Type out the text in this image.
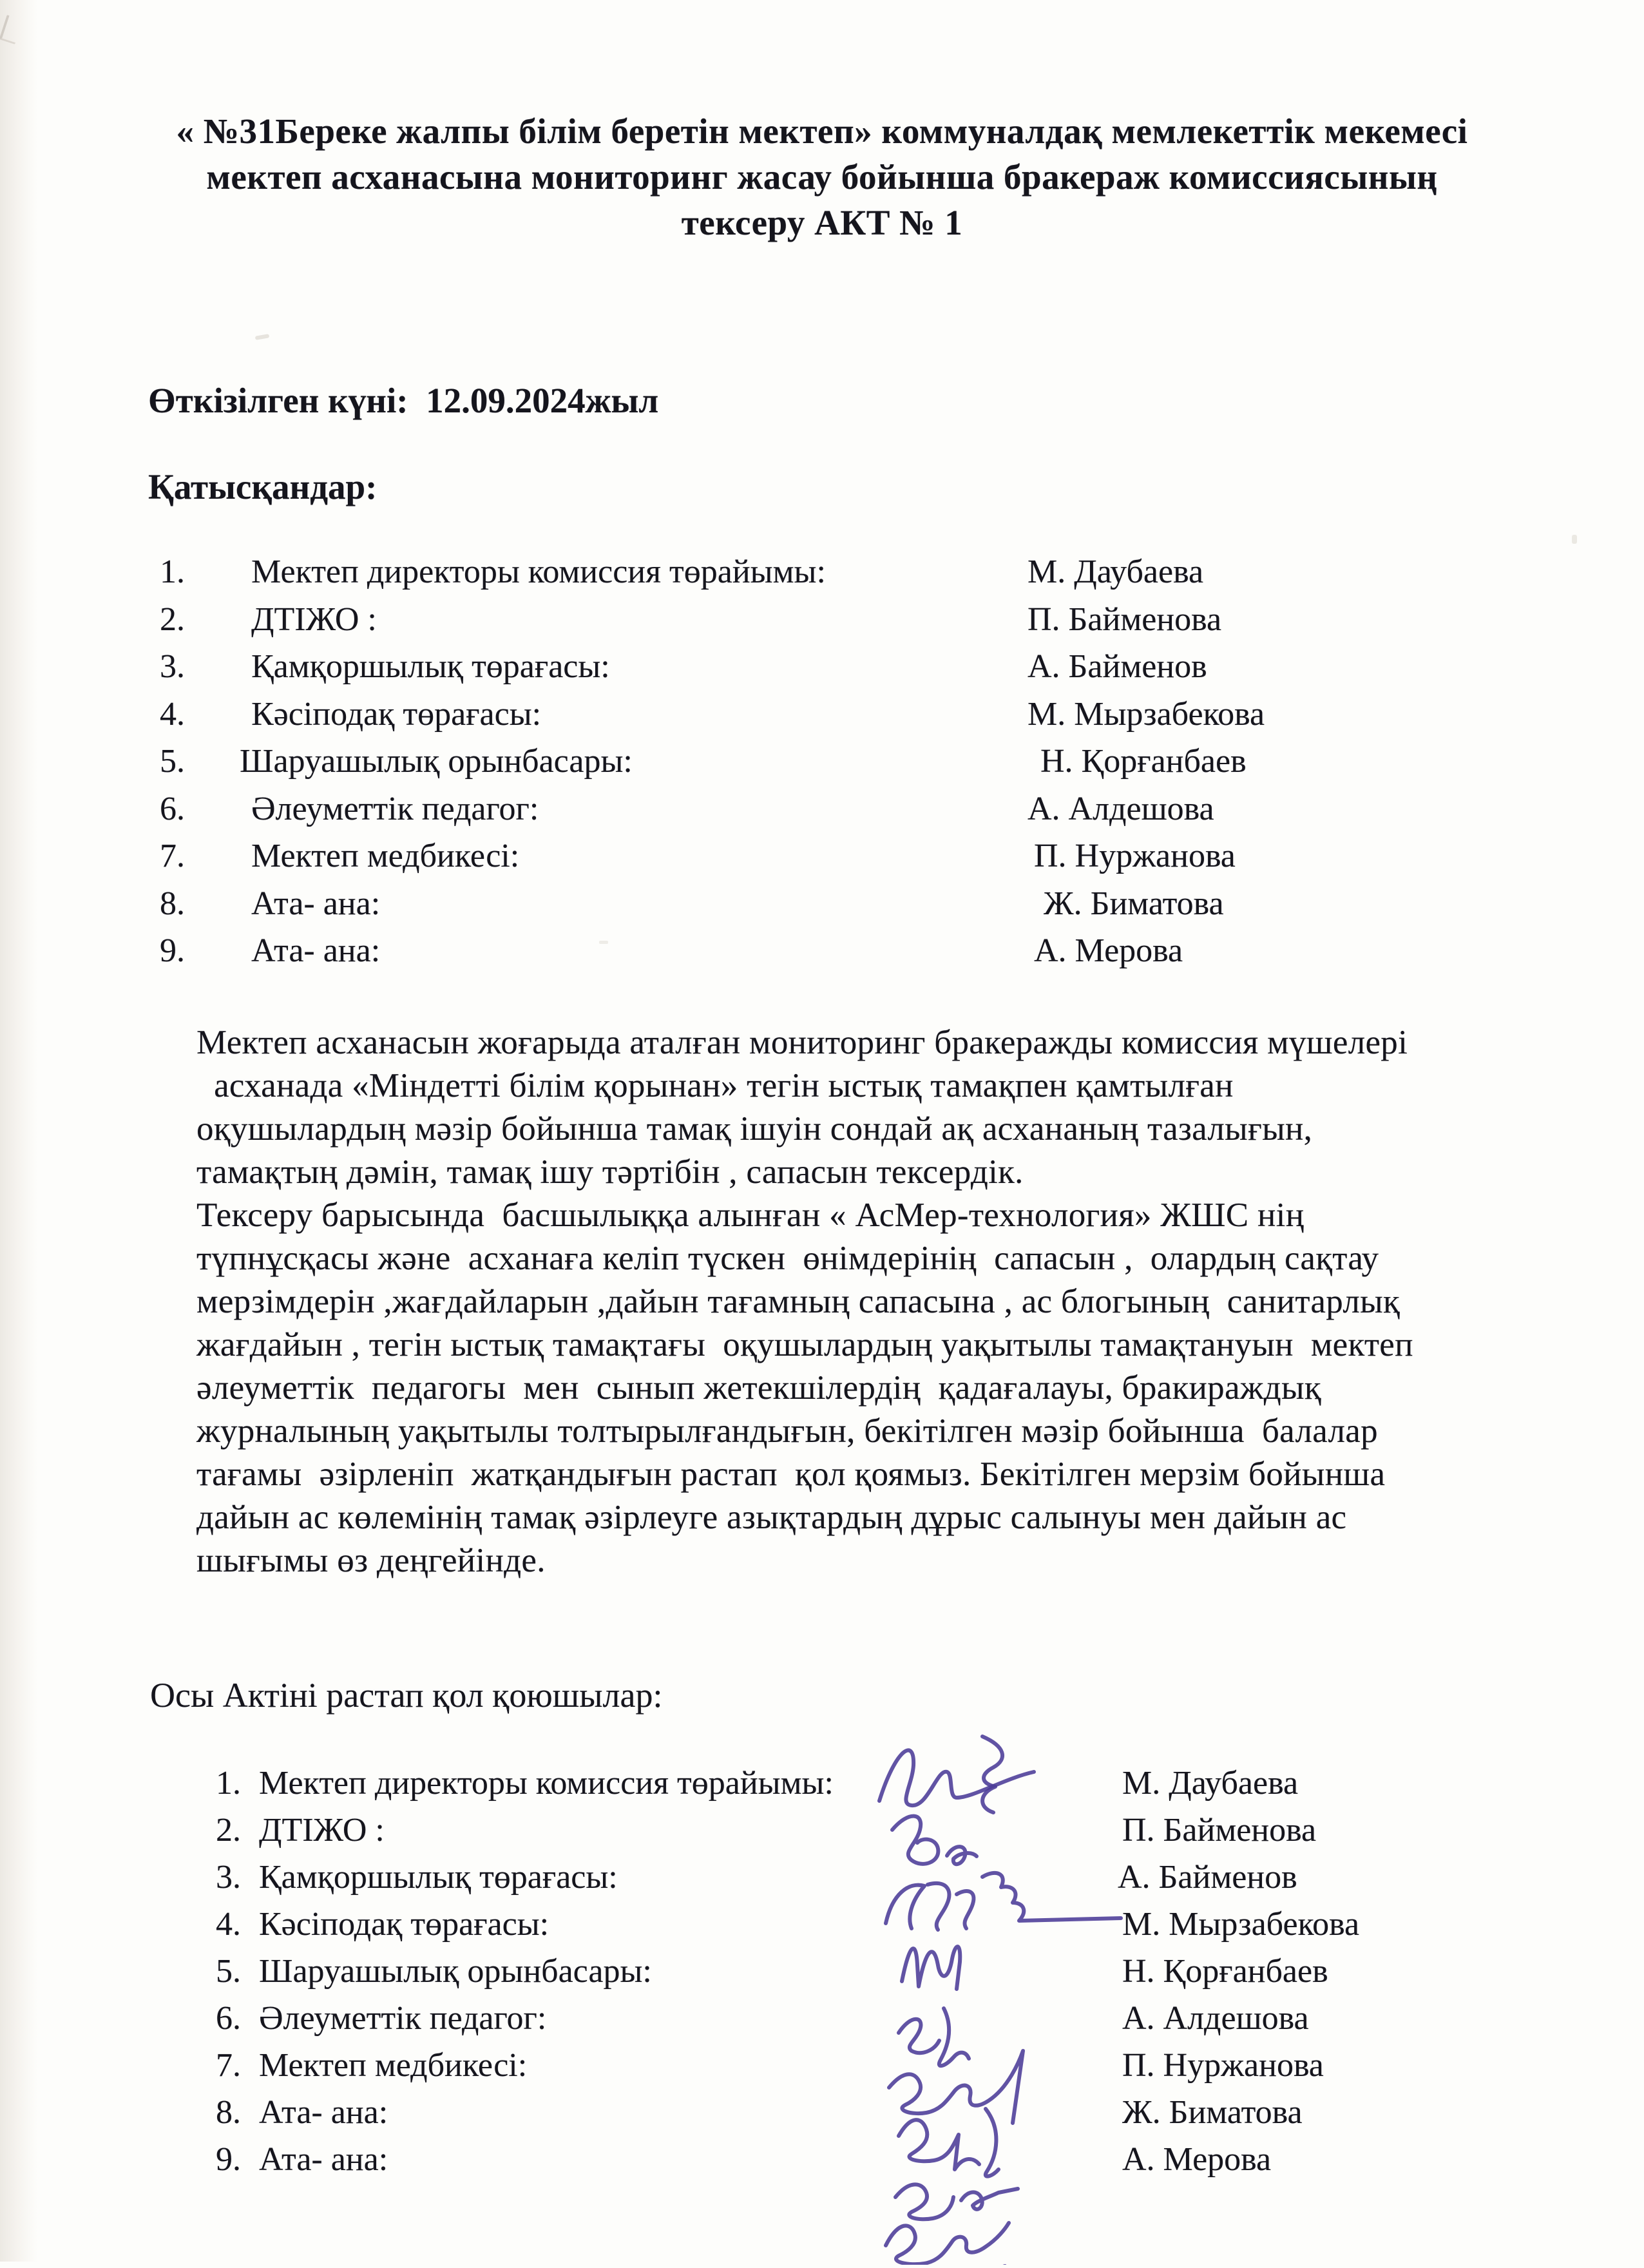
« №31Береке жалпы білім беретін мектеп» коммуналдақ мемлекеттік мекемесі
мектеп асханасына мониторинг жасау бойынша бракераж комиссиясының
тексеру АКТ № 1
Өткізілген күні: 12.09.2024жыл
Қатысқандар:
1. Мектеп директоры комиссия төрайымы:	М. Даубаева
2. ДТІЖО :	П. Байменова
3. Қамқоршылық төрағасы:	А. Байменов
4. Кәсіподақ төрағасы:	М. Мырзабекова
5. Шаруашылық орынбасары:	Н. Қорғанбаев
6. Әлеуметтік педагог:	А. Алдешова
7. Мектеп медбикесі:	П. Нуржанова
8. Ата- ана:	Ж. Биматова
9. Ата- ана:	А. Мерова
Мектеп асханасын жоғарыда аталған мониторинг бракеражды комиссия мүшелері
асханада «Міндетті білім қорынан» тегін ыстық тамақпен қамтылған
оқушылардың мәзір бойынша тамақ ішуін сондай ақ асхананың тазалығын,
тамақтың дәмін, тамақ ішу тәртібін , сапасын тексердік.
Тексеру барысында  басшылыққа алынған « АсМер-технология» ЖШС нің
түпнұсқасы және  асханаға келіп түскен  өнімдерінің  сапасын ,  олардың сақтау
мерзімдерін ,жағдайларын ,дайын тағамның сапасына , ас блогының  санитарлық
жағдайын , тегін ыстық тамақтағы  оқушылардың уақытылы тамақтануын  мектеп
әлеуметтік  педагогы  мен  сынып жетекшілердің  қадағалауы, бракираждық
журналының уақытылы толтырылғандығын, бекітілген мәзір бойынша  балалар
тағамы  әзірленіп  жатқандығын растап  қол қоямыз. Бекітілген мерзім бойынша
дайын ас көлемінің тамақ әзірлеуге азықтардың дұрыс салынуы мен дайын ас
шығымы өз деңгейінде.
Осы Актіні растап қол қоюшылар:
1. Мектеп директоры комиссия төрайымы:	М. Даубаева
2. ДТІЖО :	П. Байменова
3. Қамқоршылық төрағасы:	А. Байменов
4. Кәсіподақ төрағасы:	М. Мырзабекова
5. Шаруашылық орынбасары:	Н. Қорғанбаев
6. Әлеуметтік педагог:	А. Алдешова
7. Мектеп медбикесі:	П. Нуржанова
8. Ата- ана:	Ж. Биматова
9. Ата- ана:	А. Мерова
